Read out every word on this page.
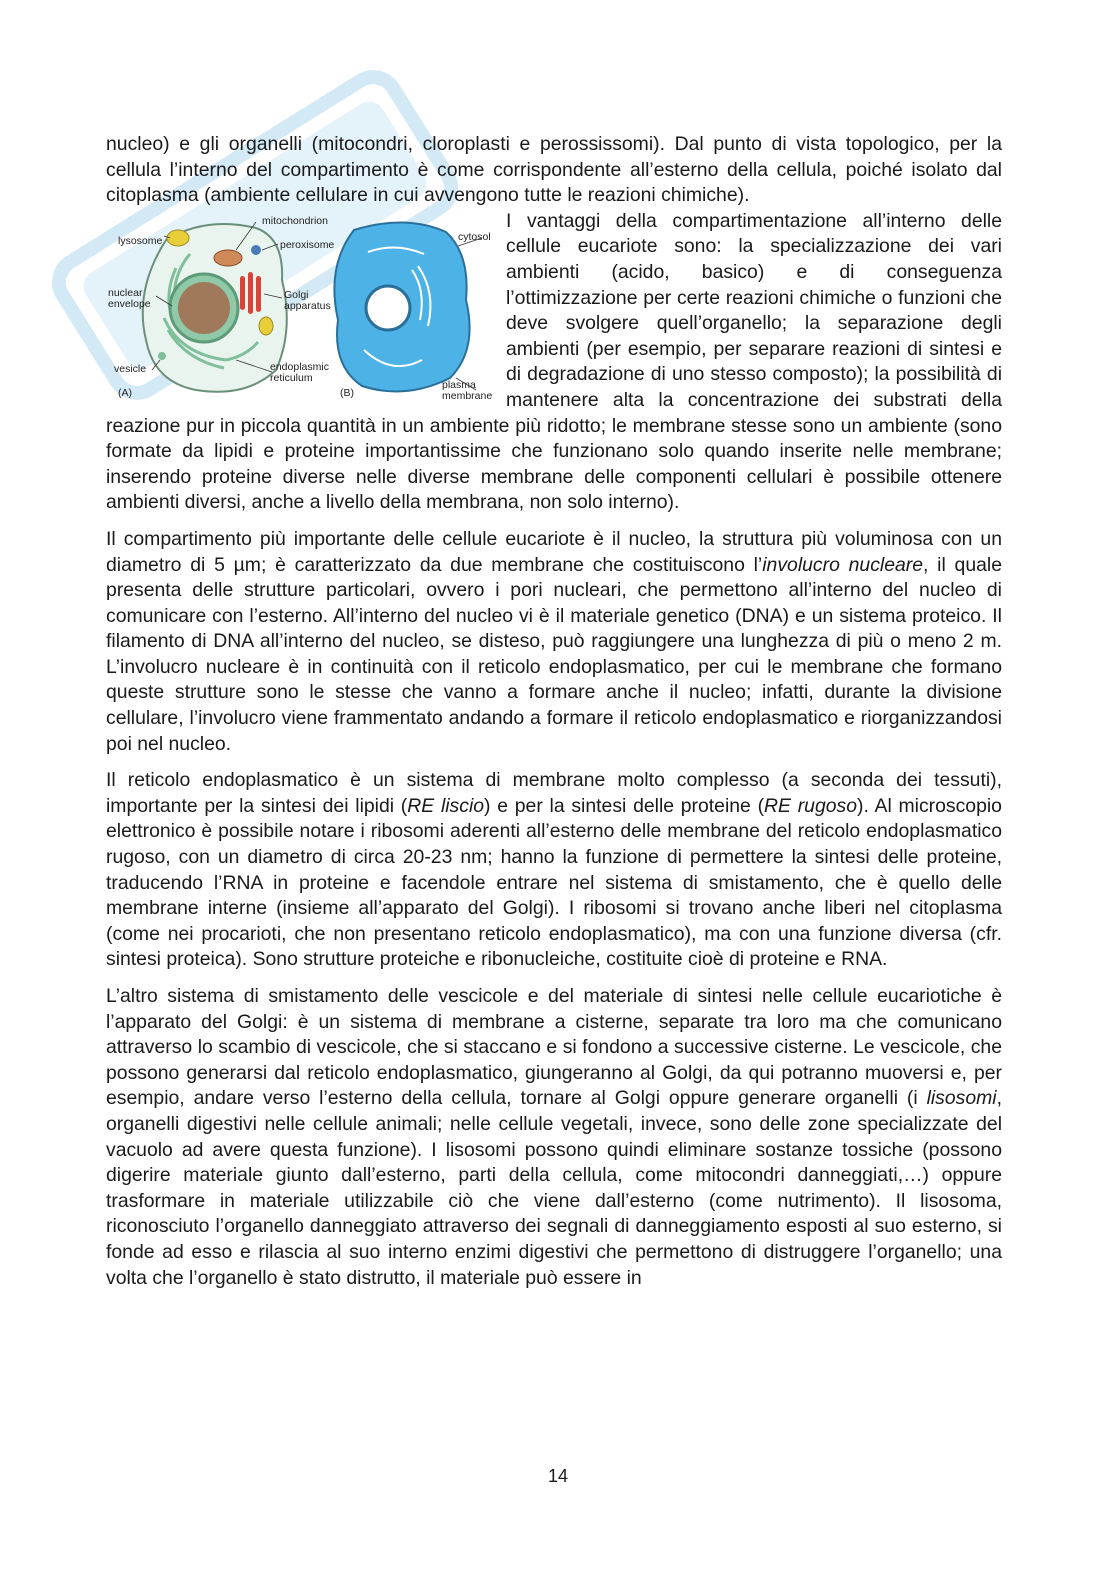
nucleo) e gli organelli (mitocondri, cloroplasti e perossissomi). Dal punto di vista topologico, per la cellula l’interno del compartimento è come corrispondente all’esterno della cellula, poiché isolato dal citoplasma (ambiente cellulare in cui avvengono tutte le reazioni chimiche).

mitochondrion
lysosome	peroxisome
nuclear envelope
Golgi apparatus
vesicle	endoplasmic reticulum
(A)	(B)
cytosol
plasma membrane

I vantaggi della compartimentazione all’interno delle cellule eucariote sono: la specializzazione dei vari ambienti (acido, basico) e di conseguenza l’ottimizzazione per certe reazioni chimiche o funzioni che deve svolgere quell’organello; la separazione degli ambienti (per esempio, per separare reazioni di sintesi e di degradazione di uno stesso composto); la possibilità di mantenere alta la concentrazione dei substrati della reazione pur in piccola quantità in un ambiente più ridotto; le membrane stesse sono un ambiente (sono formate da lipidi e proteine importantissime che funzionano solo quando inserite nelle membrane; inserendo proteine diverse nelle diverse membrane delle componenti cellulari è possibile ottenere ambienti diversi, anche a livello della membrana, non solo interno).

Il compartimento più importante delle cellule eucariote è il nucleo, la struttura più voluminosa con un diametro di 5 µm; è caratterizzato da due membrane che costituiscono l’involucro nucleare, il quale presenta delle strutture particolari, ovvero i pori nucleari, che permettono all’interno del nucleo di comunicare con l’esterno. All’interno del nucleo vi è il materiale genetico (DNA) e un sistema proteico. Il filamento di DNA all’interno del nucleo, se disteso, può raggiungere una lunghezza di più o meno 2 m. L’involucro nucleare è in continuità con il reticolo endoplasmatico, per cui le membrane che formano queste strutture sono le stesse che vanno a formare anche il nucleo; infatti, durante la divisione cellulare, l’involucro viene frammentato andando a formare il reticolo endoplasmatico e riorganizzandosi poi nel nucleo.

Il reticolo endoplasmatico è un sistema di membrane molto complesso (a seconda dei tessuti), importante per la sintesi dei lipidi (RE liscio) e per la sintesi delle proteine (RE rugoso). Al microscopio elettronico è possibile notare i ribosomi aderenti all’esterno delle membrane del reticolo endoplasmatico rugoso, con un diametro di circa 20-23 nm; hanno la funzione di permettere la sintesi delle proteine, traducendo l’RNA in proteine e facendole entrare nel sistema di smistamento, che è quello delle membrane interne (insieme all’apparato del Golgi). I ribosomi si trovano anche liberi nel citoplasma (come nei procarioti, che non presentano reticolo endoplasmatico), ma con una funzione diversa (cfr. sintesi proteica). Sono strutture proteiche e ribonucleiche, costituite cioè di proteine e RNA.

L’altro sistema di smistamento delle vescicole e del materiale di sintesi nelle cellule eucariotiche è l’apparato del Golgi: è un sistema di membrane a cisterne, separate tra loro ma che comunicano attraverso lo scambio di vescicole, che si staccano e si fondono a successive cisterne. Le vescicole, che possono generarsi dal reticolo endoplasmatico, giungeranno al Golgi, da qui potranno muoversi e, per esempio, andare verso l’esterno della cellula, tornare al Golgi oppure generare organelli (i lisosomi, organelli digestivi nelle cellule animali; nelle cellule vegetali, invece, sono delle zone specializzate del vacuolo ad avere questa funzione). I lisosomi possono quindi eliminare sostanze tossiche (possono digerire materiale giunto dall’esterno, parti della cellula, come mitocondri danneggiati,…) oppure trasformare in materiale utilizzabile ciò che viene dall’esterno (come nutrimento). Il lisosoma, riconosciuto l’organello danneggiato attraverso dei segnali di danneggiamento esposti al suo esterno, si fonde ad esso e rilascia al suo interno enzimi digestivi che permettono di distruggere l’organello; una volta che l’organello è stato distrutto, il materiale può essere in

14
